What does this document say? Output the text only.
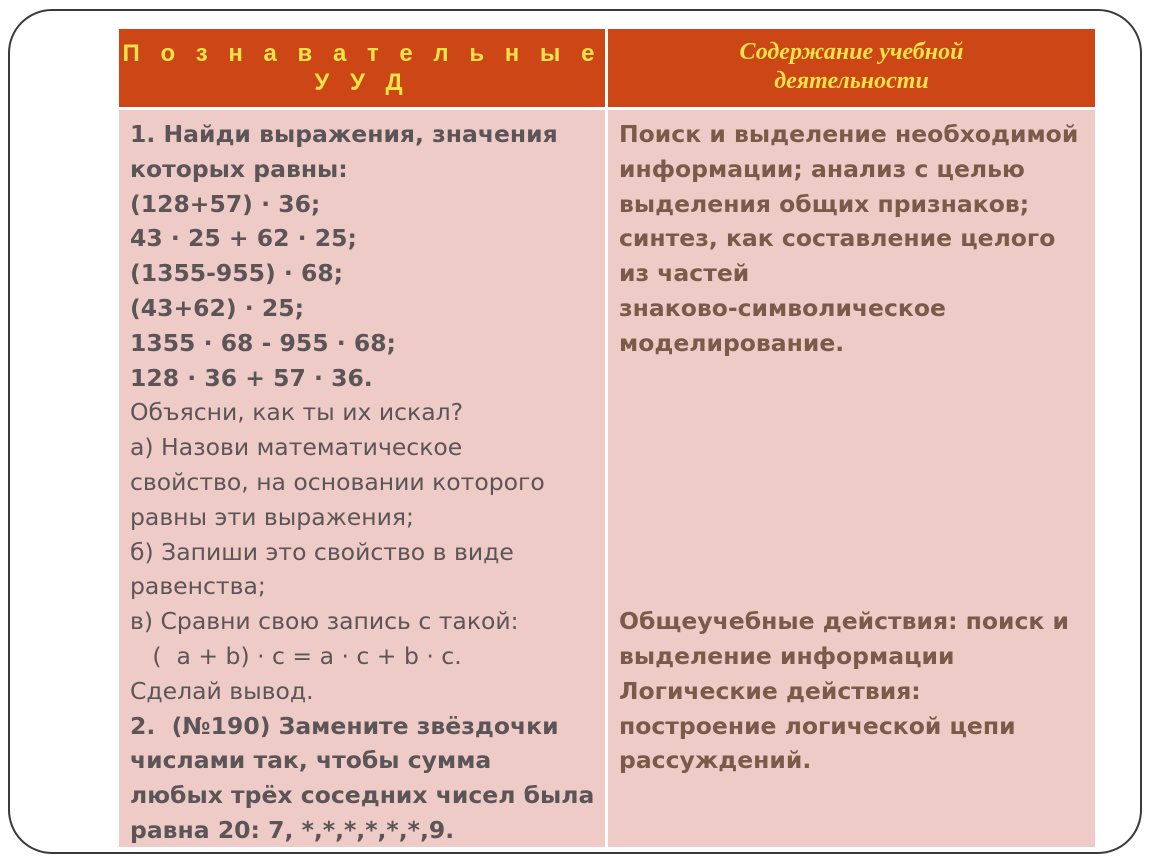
П о з н а в а т е л ь н ы е
У У Д
Содержание учебной
деятельности
1. Найди выражения, значения
которых равны:
(128+57) · 36;
43 · 25 + 62 · 25;
(1355-955) · 68;
(43+62) · 25;
1355 · 68 - 955 · 68;
128 · 36 + 57 · 36.
Объясни, как ты их искал?
а) Назови математическое
свойство, на основании которого
равны эти выражения;
б) Запиши это свойство в виде
равенства;
в) Сравни свою запись с такой:
(  a + b) · c = a · c + b · c.
Сделай вывод.
2.  (№190) Замените звёздочки
числами так, чтобы сумма
любых трёх соседних чисел была
равна 20: 7, *,*,*,*,*,*,9.
Поиск и выделение необходимой
информации; анализ с целью
выделения общих признаков;
синтез, как составление целого
из частей
знаково-символическое
моделирование.
Общеучебные действия: поиск и
выделение информации
Логические действия:
построение логической цепи
рассуждений.
